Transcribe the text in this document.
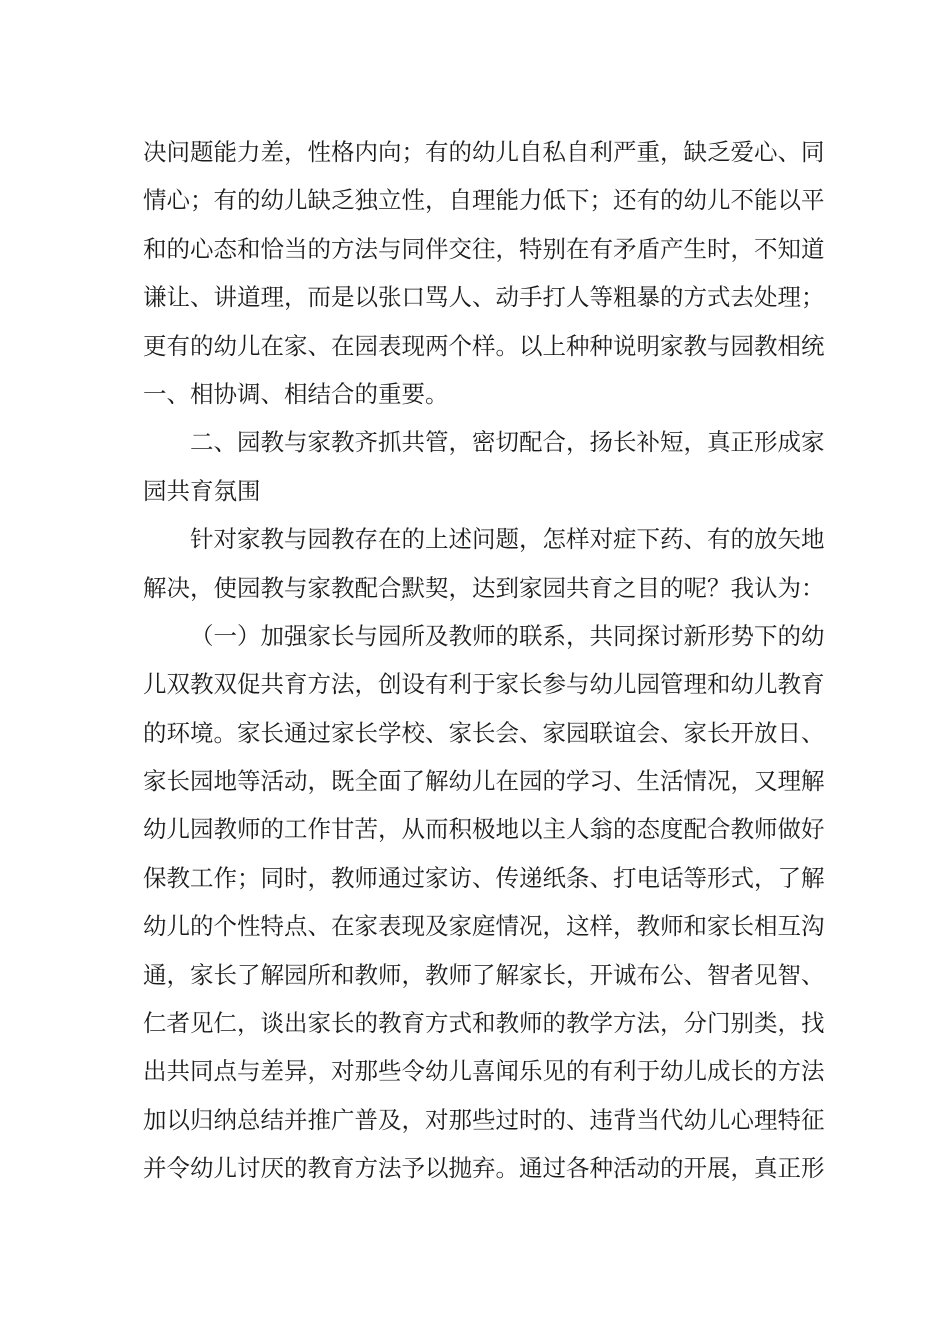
决问题能力差，性格内向；有的幼儿自私自利严重，缺乏爱心、同
情心；有的幼儿缺乏独立性，自理能力低下；还有的幼儿不能以平
和的心态和恰当的方法与同伴交往，特别在有矛盾产生时，不知道
谦让、讲道理，而是以张口骂人、动手打人等粗暴的方式去处理；
更有的幼儿在家、在园表现两个样。以上种种说明家教与园教相统
一、相协调、相结合的重要。
二、园教与家教齐抓共管，密切配合，扬长补短，真正形成家
园共育氛围
针对家教与园教存在的上述问题，怎样对症下药、有的放矢地
解决，使园教与家教配合默契，达到家园共育之目的呢？我认为：
（一）加强家长与园所及教师的联系，共同探讨新形势下的幼
儿双教双促共育方法，创设有利于家长参与幼儿园管理和幼儿教育
的环境。家长通过家长学校、家长会、家园联谊会、家长开放日、
家长园地等活动，既全面了解幼儿在园的学习、生活情况，又理解
幼儿园教师的工作甘苦，从而积极地以主人翁的态度配合教师做好
保教工作；同时，教师通过家访、传递纸条、打电话等形式，了解
幼儿的个性特点、在家表现及家庭情况，这样，教师和家长相互沟
通，家长了解园所和教师，教师了解家长，开诚布公、智者见智、
仁者见仁，谈出家长的教育方式和教师的教学方法，分门别类，找
出共同点与差异，对那些令幼儿喜闻乐见的有利于幼儿成长的方法
加以归纳总结并推广普及，对那些过时的、违背当代幼儿心理特征
并令幼儿讨厌的教育方法予以抛弃。通过各种活动的开展，真正形
